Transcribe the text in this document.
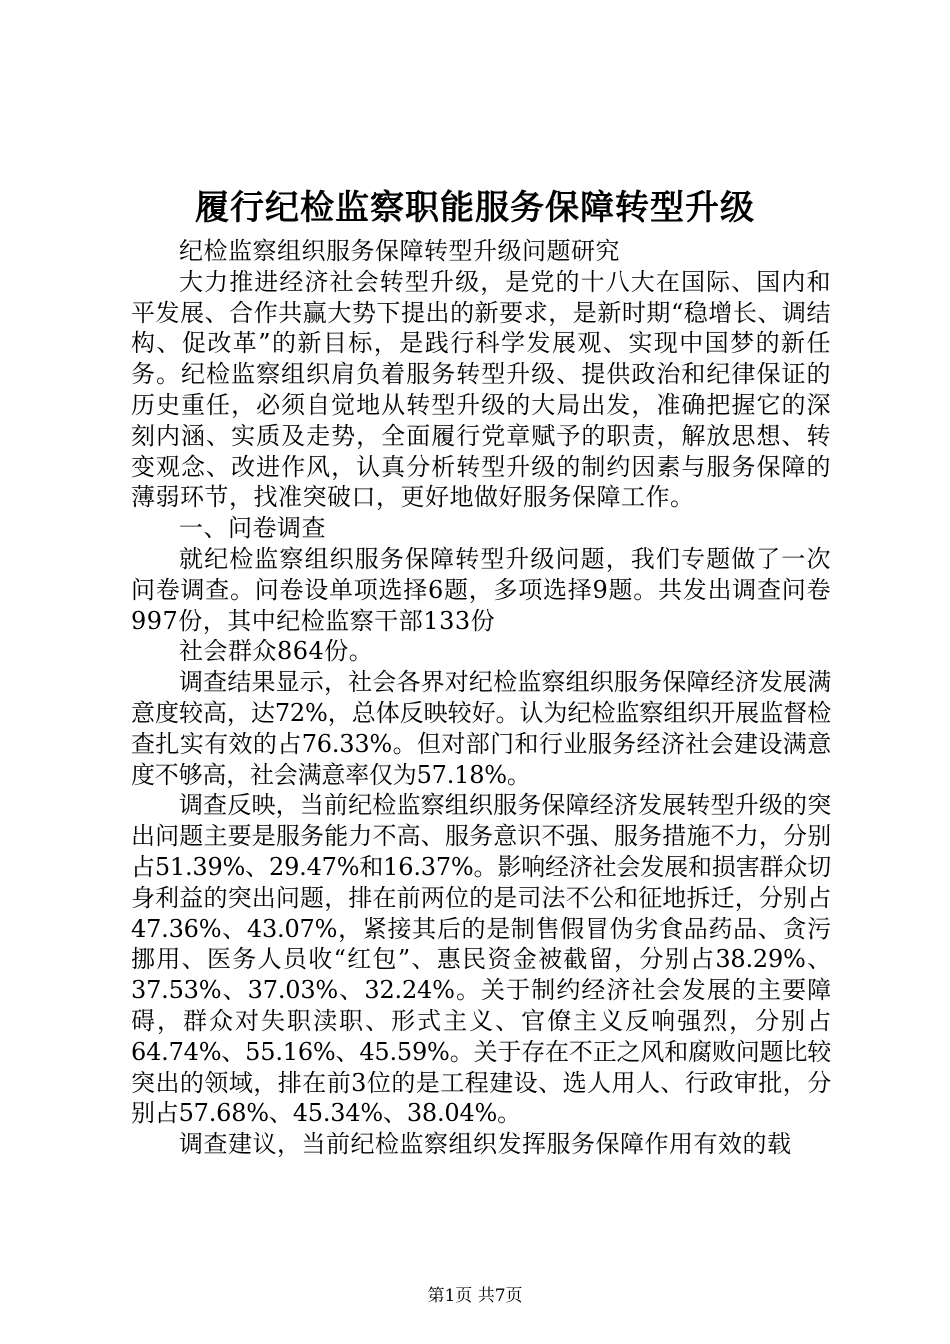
履行纪检监察职能服务保障转型升级

纪检监察组织服务保障转型升级问题研究

大力推进经济社会转型升级，是党的十八大在国际、国内和平发展、合作共赢大势下提出的新要求，是新时期“稳增长、调结构、促改革”的新目标，是践行科学发展观、实现中国梦的新任务。纪检监察组织肩负着服务转型升级、提供政治和纪律保证的历史重任，必须自觉地从转型升级的大局出发，准确把握它的深刻内涵、实质及走势，全面履行党章赋予的职责，解放思想、转变观念、改进作风，认真分析转型升级的制约因素与服务保障的薄弱环节，找准突破口，更好地做好服务保障工作。

一、问卷调查

就纪检监察组织服务保障转型升级问题，我们专题做了一次问卷调查。问卷设单项选择6题，多项选择9题。共发出调查问卷997份，其中纪检监察干部133份

社会群众864份。

调查结果显示，社会各界对纪检监察组织服务保障经济发展满意度较高，达72%，总体反映较好。认为纪检监察组织开展监督检查扎实有效的占76.33%。但对部门和行业服务经济社会建设满意度不够高，社会满意率仅为57.18%。

调查反映，当前纪检监察组织服务保障经济发展转型升级的突出问题主要是服务能力不高、服务意识不强、服务措施不力，分别占51.39%、29.47%和16.37%。影响经济社会发展和损害群众切身利益的突出问题，排在前两位的是司法不公和征地拆迁，分别占47.36%、43.07%，紧接其后的是制售假冒伪劣食品药品、贪污挪用、医务人员收“红包”、惠民资金被截留，分别占38.29%、37.53%、37.03%、32.24%。关于制约经济社会发展的主要障碍，群众对失职渎职、形式主义、官僚主义反响强烈，分别占64.74%、55.16%、45.59%。关于存在不正之风和腐败问题比较突出的领域，排在前3位的是工程建设、选人用人、行政审批，分别占57.68%、45.34%、38.04%。

调查建议，当前纪检监察组织发挥服务保障作用有效的载

第1页 共7页
